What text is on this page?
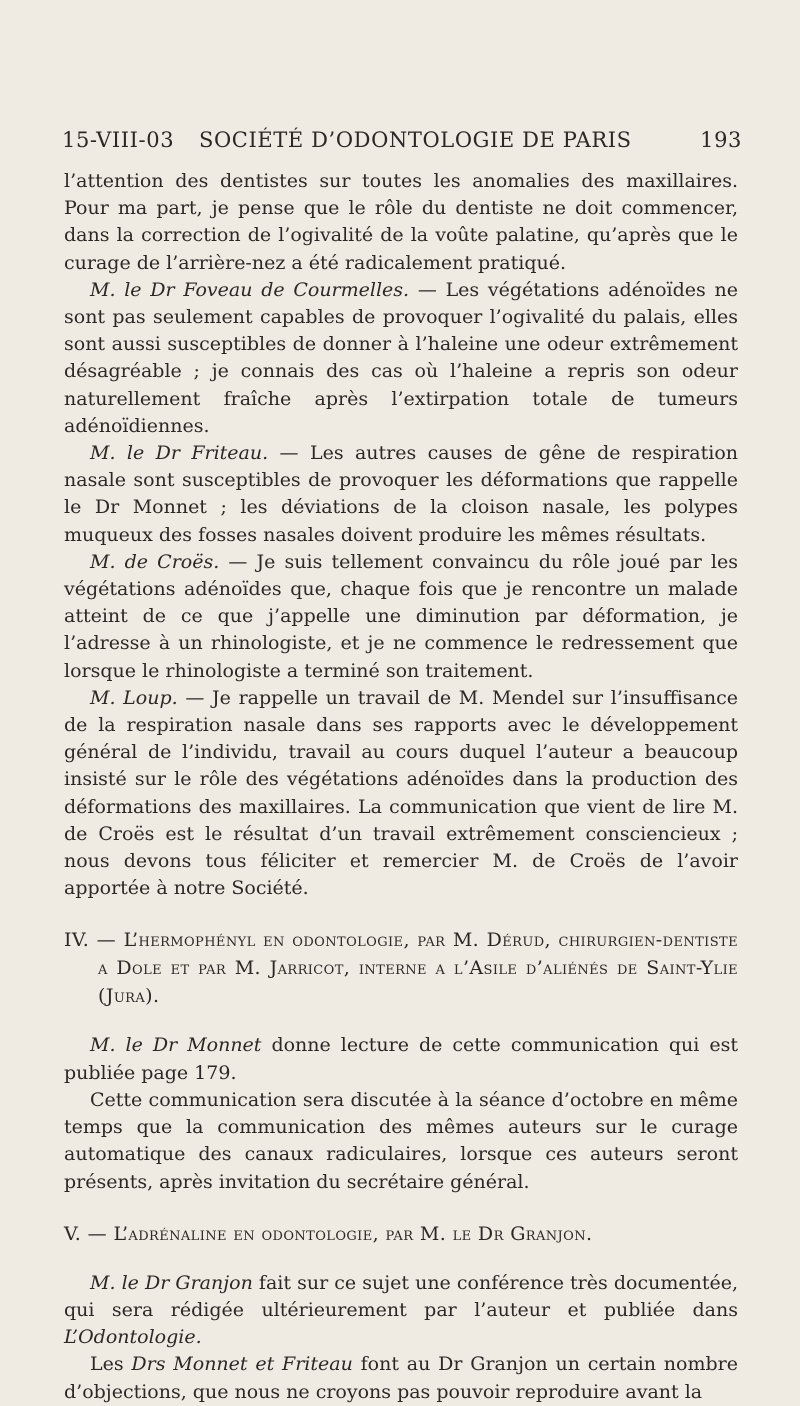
15-VIII-03 SOCIÉTÉ D’ODONTOLOGIE DE PARIS	193

l’attention des dentistes sur toutes les anomalies des maxillaires. Pour ma part, je pense que le rôle du dentiste ne doit commencer, dans la correction de l’ogivalité de la voûte palatine, qu’après que le curage de l’arrière-nez a été radicalement pratiqué.

M. le Dr Foveau de Courmelles. — Les végétations adénoïdes ne sont pas seulement capables de provoquer l’ogivalité du palais, elles sont aussi susceptibles de donner à l’haleine une odeur extrêmement désagréable ; je connais des cas où l’haleine a repris son odeur naturellement fraîche après l’extirpation totale de tumeurs adénoïdiennes.

M. le Dr Friteau. — Les autres causes de gêne de respiration nasale sont susceptibles de provoquer les déformations que rappelle le Dr Monnet ; les déviations de la cloison nasale, les polypes muqueux des fosses nasales doivent produire les mêmes résultats.

M. de Croës. — Je suis tellement convaincu du rôle joué par les végétations adénoïdes que, chaque fois que je rencontre un malade atteint de ce que j’appelle une diminution par déformation, je l’adresse à un rhinologiste, et je ne commence le redressement que lorsque le rhinologiste a terminé son traitement.

M. Loup. — Je rappelle un travail de M. Mendel sur l’insuffisance de la respiration nasale dans ses rapports avec le développement général de l’individu, travail au cours duquel l’auteur a beaucoup insisté sur le rôle des végétations adénoïdes dans la production des déformations des maxillaires. La communication que vient de lire M. de Croës est le résultat d’un travail extrêmement consciencieux ; nous devons tous féliciter et remercier M. de Croës de l’avoir apportée à notre Société.

IV. — L’hermophényl en odontologie, par M. Dérud, chirurgien-dentiste a Dole et par M. Jarricot, interne a l’Asile d’aliénés de Saint-Ylie (Jura).

M. le Dr Monnet donne lecture de cette communication qui est publiée page 179.

Cette communication sera discutée à la séance d’octobre en même temps que la communication des mêmes auteurs sur le curage automatique des canaux radiculaires, lorsque ces auteurs seront présents, après invitation du secrétaire général.

V. — L’adrénaline en odontologie, par M. le Dr Granjon.

M. le Dr Granjon fait sur ce sujet une conférence très documentée, qui sera rédigée ultérieurement par l’auteur et publiée dans L’Odontologie.

Les Drs Monnet et Friteau font au Dr Granjon un certain nombre d’objections, que nous ne croyons pas pouvoir reproduire avant la
